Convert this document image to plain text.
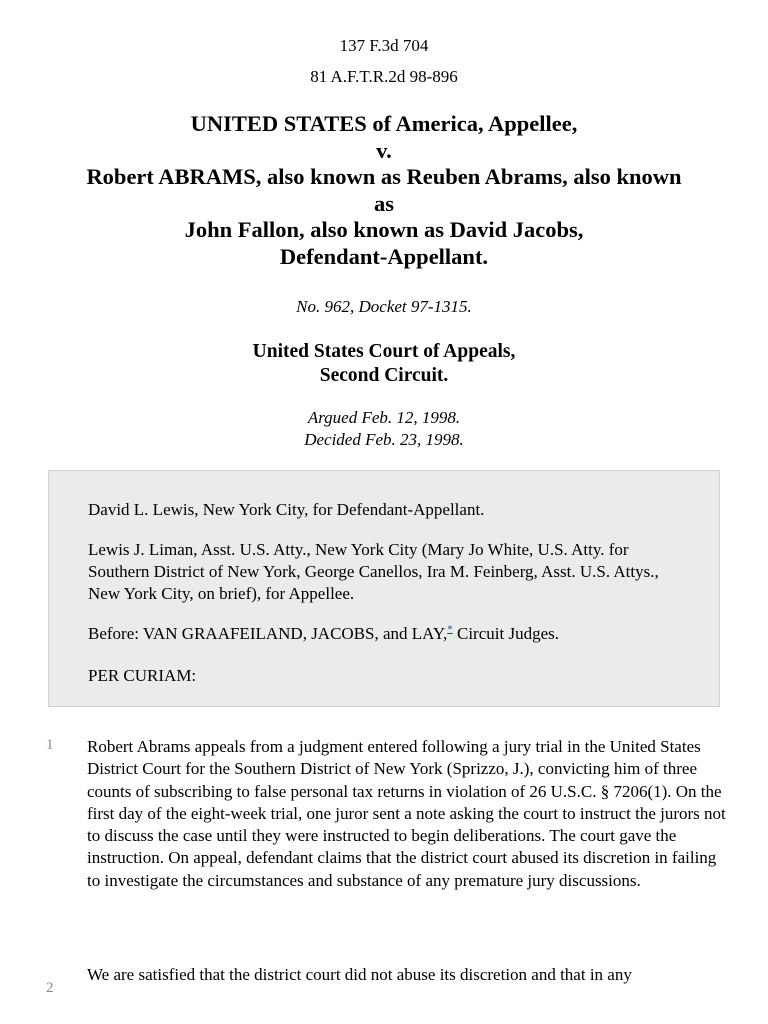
137 F.3d 704
81 A.F.T.R.2d 98-896
UNITED STATES of America, Appellee,
v.
Robert ABRAMS, also known as Reuben Abrams, also known
as
John Fallon, also known as David Jacobs,
Defendant-Appellant.
No. 962, Docket 97-1315.
United States Court of Appeals,
Second Circuit.
Argued Feb. 12, 1998.
Decided Feb. 23, 1998.

David L. Lewis, New York City, for Defendant-Appellant.

Lewis J. Liman, Asst. U.S. Atty., New York City (Mary Jo White, U.S. Atty. for Southern District of New York, George Canellos, Ira M. Feinberg, Asst. U.S. Attys., New York City, on brief), for Appellee.

Before: VAN GRAAFEILAND, JACOBS, and LAY,* Circuit Judges.

PER CURIAM:

1 Robert Abrams appeals from a judgment entered following a jury trial in the United States District Court for the Southern District of New York (Sprizzo, J.), convicting him of three counts of subscribing to false personal tax returns in violation of 26 U.S.C. § 7206(1). On the first day of the eight-week trial, one juror sent a note asking the court to instruct the jurors not to discuss the case until they were instructed to begin deliberations. The court gave the instruction. On appeal, defendant claims that the district court abused its discretion in failing to investigate the circumstances and substance of any premature jury discussions.

2

We are satisfied that the district court did not abuse its discretion and that in any
